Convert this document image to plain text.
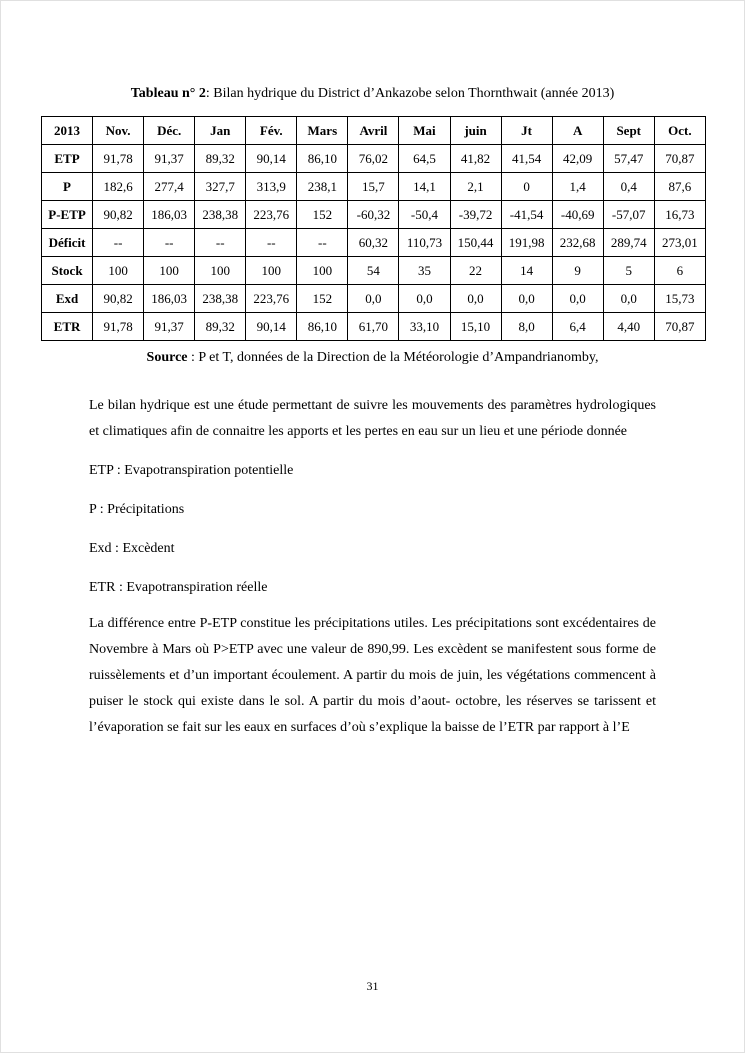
Tableau n° 2: Bilan hydrique du District d’Ankazobe selon Thornthwait (année 2013)

2013	Nov.	Déc.	Jan	Fév.	Mars	Avril	Mai	juin	Jt	A	Sept	Oct.
ETP	91,78	91,37	89,32	90,14	86,10	76,02	64,5	41,82	41,54	42,09	57,47	70,87
P	182,6	277,4	327,7	313,9	238,1	15,7	14,1	2,1	0	1,4	0,4	87,6
P-ETP	90,82	186,03	238,38	223,76	152	-60,32	-50,4	-39,72	-41,54	-40,69	-57,07	16,73
Déficit	--	--	--	--	--	60,32	110,73	150,44	191,98	232,68	289,74	273,01
Stock	100	100	100	100	100	54	35	22	14	9	5	6
Exd	90,82	186,03	238,38	223,76	152	0,0	0,0	0,0	0,0	0,0	0,0	15,73
ETR	91,78	91,37	89,32	90,14	86,10	61,70	33,10	15,10	8,0	6,4	4,40	70,87

Source : P et T, données de la Direction de la Météorologie d’Ampandrianomby,

Le bilan hydrique est une étude permettant de suivre les mouvements des paramètres hydrologiques et climatiques afin de connaitre les apports et les pertes en eau sur un lieu et une période donnée

ETP : Evapotranspiration potentielle

P : Précipitations

Exd : Excèdent

ETR : Evapotranspiration réelle

La différence entre P-ETP constitue les précipitations utiles. Les précipitations sont excédentaires de Novembre à Mars où P˃ETP avec une valeur de 890,99. Les excèdent se manifestent sous forme de ruissèlements et d’un important écoulement. A partir du mois de juin, les végétations commencent à puiser le stock qui existe dans le sol. A partir du mois d’aout- octobre, les réserves se tarissent et l’évaporation se fait sur les eaux en surfaces d’où s’explique la baisse de l’ETR par rapport à l’E

31
